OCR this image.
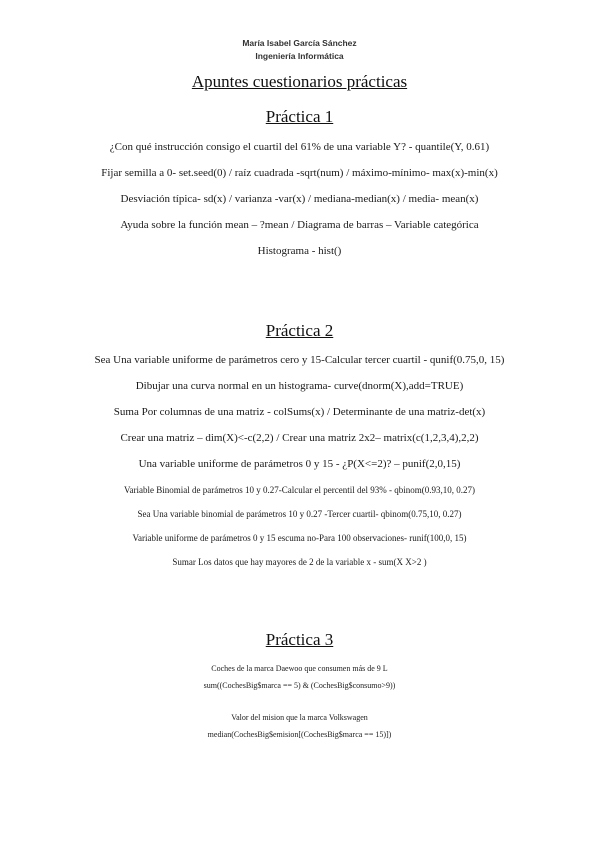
María Isabel García Sánchez
Ingeniería Informática
Apuntes cuestionarios prácticas
Práctica 1
¿Con qué instrucción consigo el cuartil del 61% de una variable Y? - quantile(Y, 0.61)
Fijar semilla a 0- set.seed(0) / raíz cuadrada -sqrt(num) / máximo-mínimo- max(x)-min(x)
Desviación típica- sd(x) / varianza -var(x) / mediana-median(x) / media- mean(x)
Ayuda sobre la función mean – ?mean / Diagrama de barras – Variable categórica
Histograma - hist()
Práctica 2
Sea Una variable uniforme de parámetros cero y 15-Calcular tercer cuartil - qunif(0.75,0, 15)
Dibujar una curva normal en un histograma- curve(dnorm(X),add=TRUE)
Suma Por columnas de una matriz - colSums(x) / Determinante de una matriz-det(x)
Crear una matriz – dim(X)<-c(2,2) / Crear una matriz 2x2– matrix(c(1,2,3,4),2,2)
Una variable uniforme de parámetros 0 y 15 - ¿P(X<=2)? – punif(2,0,15)
Variable Binomial de parámetros 10 y 0.27-Calcular el percentil del 93% - qbinom(0.93,10, 0.27)
Sea Una variable binomial de parámetros 10 y 0.27 -Tercer cuartil- qbinom(0.75,10, 0.27)
Variable uniforme de parámetros 0 y 15 escuma no-Para 100 observaciones- runif(100,0, 15)
Sumar Los datos que hay mayores de 2 de la variable x - sum(X X>2 )
Práctica 3
Coches de la marca Daewoo que consumen más de 9 L
sum((CochesBig$marca == 5) & (CochesBig$consumo>9))
Valor del mision que la marca Volkswagen
median(CochesBig$emision[(CochesBig$marca == 15)])
